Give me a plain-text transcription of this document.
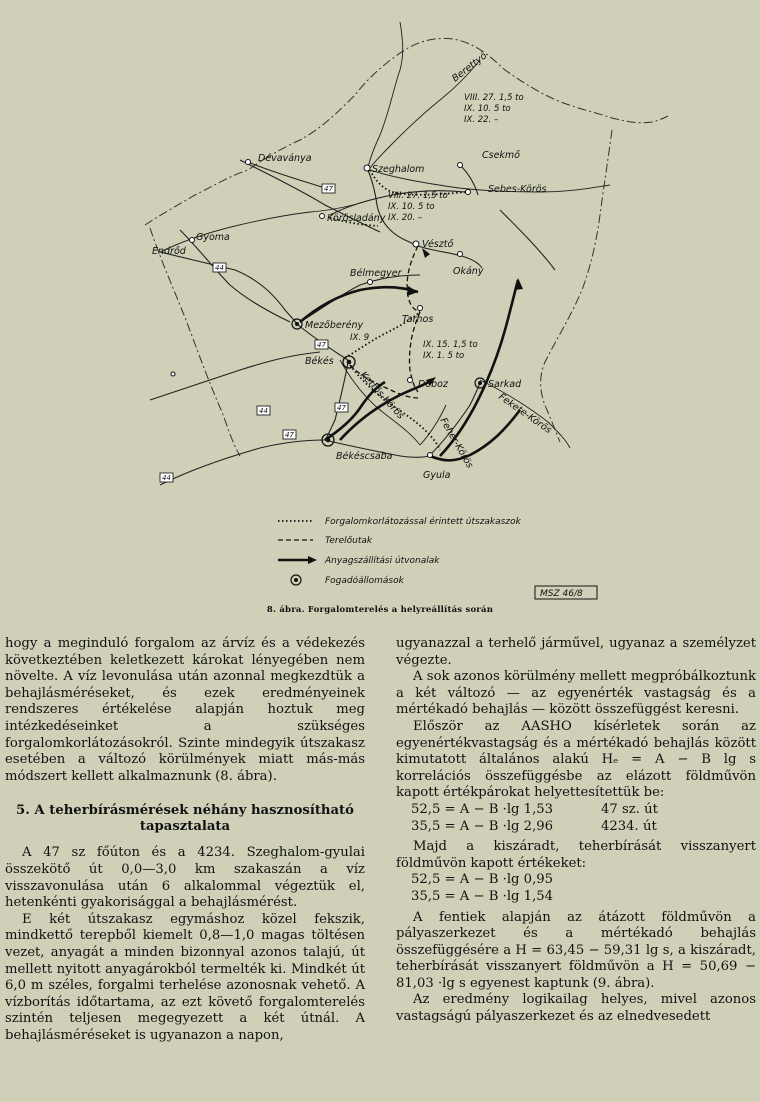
47
44
47
47
44
47
44
Berettyó
Dévaványa
Szeghalom
Csekmő
Sebes-Körös
Körösladány
Gyoma
Endrőd
Vésztő
Okány
Bélmegyer
Tarhos
Mezőberény
IX. 9
Békés
Kettős-Körös Doboz	Sarkad
Fekete-Körös
Fehér-Körös
Békéscsaba
Gyula
VIII. 27. 1,5 to
IX. 10. 5 to
IX. 22. –
VIII. 27. 1,5 to
IX. 10. 5 to
IX. 20. –
IX. 15. 1,5 to
IX. 1. 5 to
Forgalomkorlátozással érintett útszakaszok
Terelőutak
Anyagszállítási útvonalak
Fogadóállomások
MSZ 46/8
8. ábra. Forgalomterelés a helyreállítás során

hogy a meginduló forgalom az árvíz és a védekezés következtében keletkezett károkat lényegében nem növelte. A víz levonulása után azonnal megkezdtük a behajlásméréseket, és ezek eredményeinek rendszeres értékelése alapján hoztuk meg intézkedéseinket a szükséges forgalomkorlátozásokról. Szinte mindegyik útszakasz esetében a változó körülmények miatt más-más módszert kellett alkalmaznunk (8. ábra).

5. A teherbírásmérések néhány hasznosítható tapasztalata

A 47 sz főúton és a 4234. Szeghalom-gyulai összekötő út 0,0—3,0 km szakaszán a víz visszavonulása után 6 alkalommal végeztük el, hetenkénti gyakorisággal a behajlásmérést.

E két útszakasz egymáshoz közel fekszik, mindkettő terepből kiemelt 0,8—1,0 magas töltésen vezet, anyagát a minden bizonnyal azonos talajú, út mellett nyitott anyagárokból termelték ki. Mindkét út 6,0 m széles, forgalmi terhelése azonosnak vehető. A vízborítás időtartama, az ezt követő forgalomterelés szintén teljesen megegyezett a két útnál. A behajlásméréseket is ugyanazon a napon,

ugyanazzal a terhelő járművel, ugyanaz a személyzet végezte.

A sok azonos körülmény mellett megpróbálkoztunk a két változó — az egyenérték vastagság és a mértékadó behajlás — között összefüggést keresni.

Először az AASHO kísérletek során az egyenértékvastagság és a mértékadó behajlás között kimutatott általános alakú Hₑ = A − B lg s korrelációs összefüggésbe az elázott földművön kapott értékpárokat helyettesítettük be:

52,5 = A − B ·lg 1,53	47 sz. út

35,5 = A − B ·lg 2,96	4234. út

Majd a kiszáradt, teherbírását visszanyert földművön kapott értékeket:

52,5 = A − B ·lg 0,95

35,5 = A − B ·lg 1,54

A fentiek alapján az átázott földművön a pályaszerkezet és a mértékadó behajlás összefüggésére a H = 63,45 − 59,31 lg s, a kiszáradt, teherbírását visszanyert földművön a H = 50,69 − 81,03 ·lg s egyenest kaptunk (9. ábra).

Az eredmény logikailag helyes, mivel azonos vastagságú pályaszerkezet és az elnedvesedett
